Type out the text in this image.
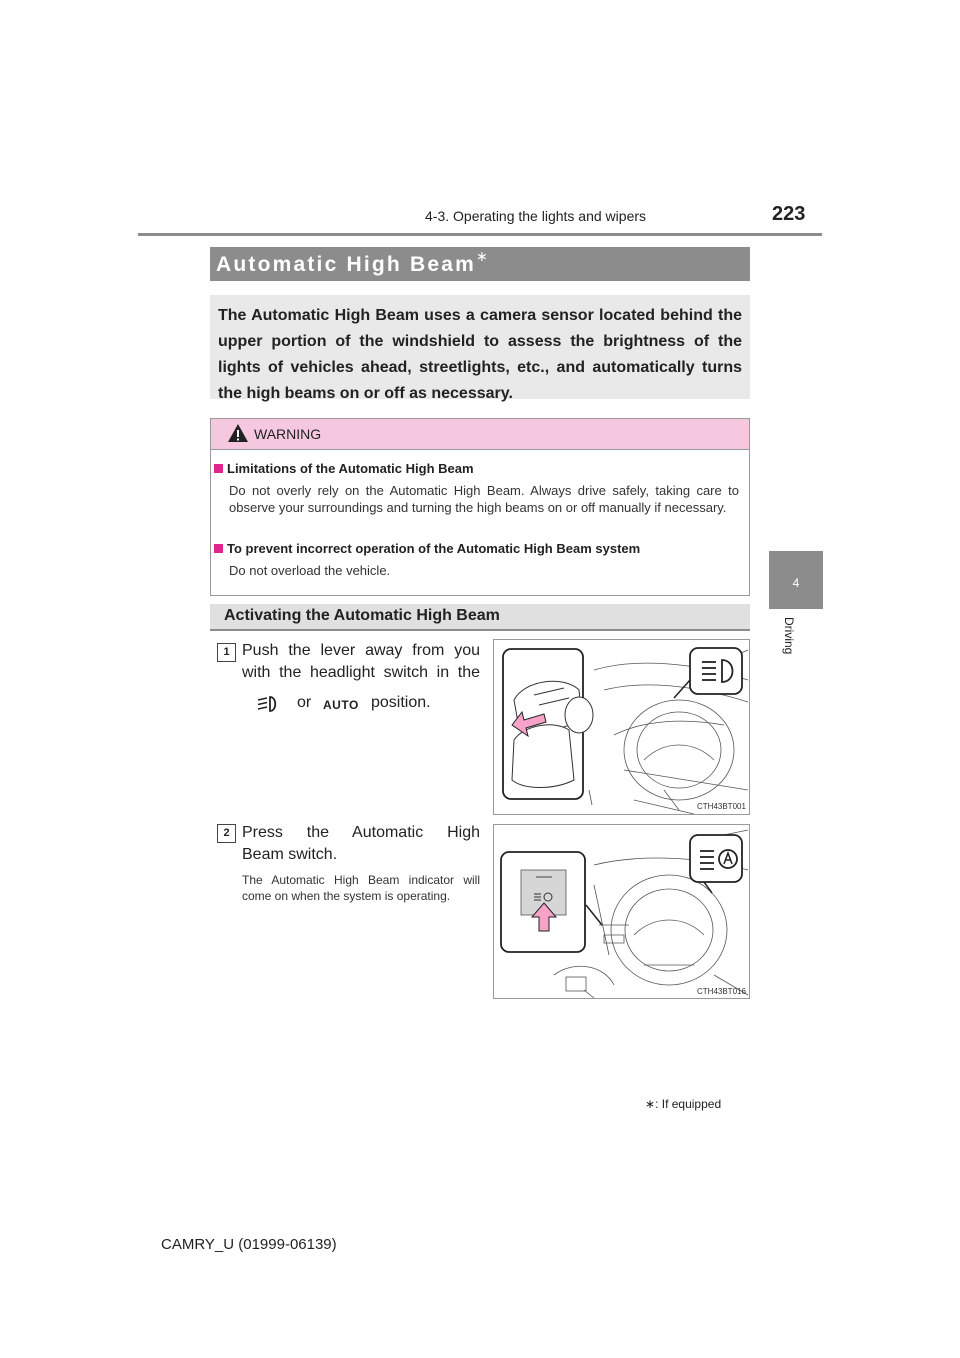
4-3. Operating the lights and wipers	223
4
Driving
Automatic High Beam∗
The Automatic High Beam uses a camera sensor located behind the upper portion of the windshield to assess the brightness of the lights of vehicles ahead, streetlights, etc., and automatically turns the high beams on or off as necessary.
WARNING
Limitations of the Automatic High Beam
Do not overly rely on the Automatic High Beam. Always drive safely, taking care to observe your surroundings and turning the high beams on or off manually if necessary.
To prevent incorrect operation of the Automatic High Beam system
Do not overload the vehicle.
Activating the Automatic High Beam
1 Push the lever away from you
with the headlight switch in the
or AUTO position.
CTH43BT001
2 Press the Automatic High
Beam switch.
The Automatic High Beam indicator will come on when the system is operating.
CTH43BT016
∗: If equipped
CAMRY_U (01999-06139)
